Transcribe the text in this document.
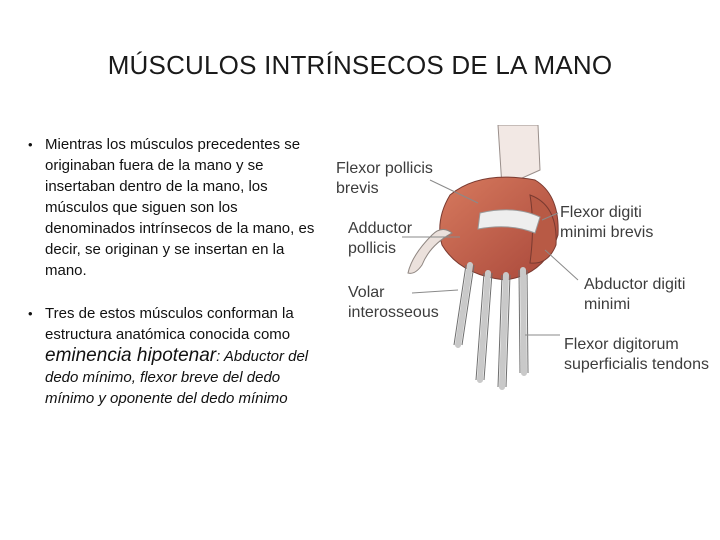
MÚSCULOS INTRÍNSECOS DE LA MANO
• Mientras los músculos precedentes se originaban fuera de la mano y se insertaban dentro de la mano, los músculos que siguen son los denominados intrínsecos de la mano, es decir, se originan y se insertan en la mano.
• Tres de estos músculos conforman la estructura anatómica conocida como eminencia hipotenar: Abductor del dedo mínimo, flexor breve del dedo mínimo y oponente del dedo mínimo
Flexor pollicis
brevis
Adductor
pollicis
Volar
interosseous
Flexor digiti
minimi brevis
Abductor digiti
minimi
Flexor digitorum
superficialis tendons
